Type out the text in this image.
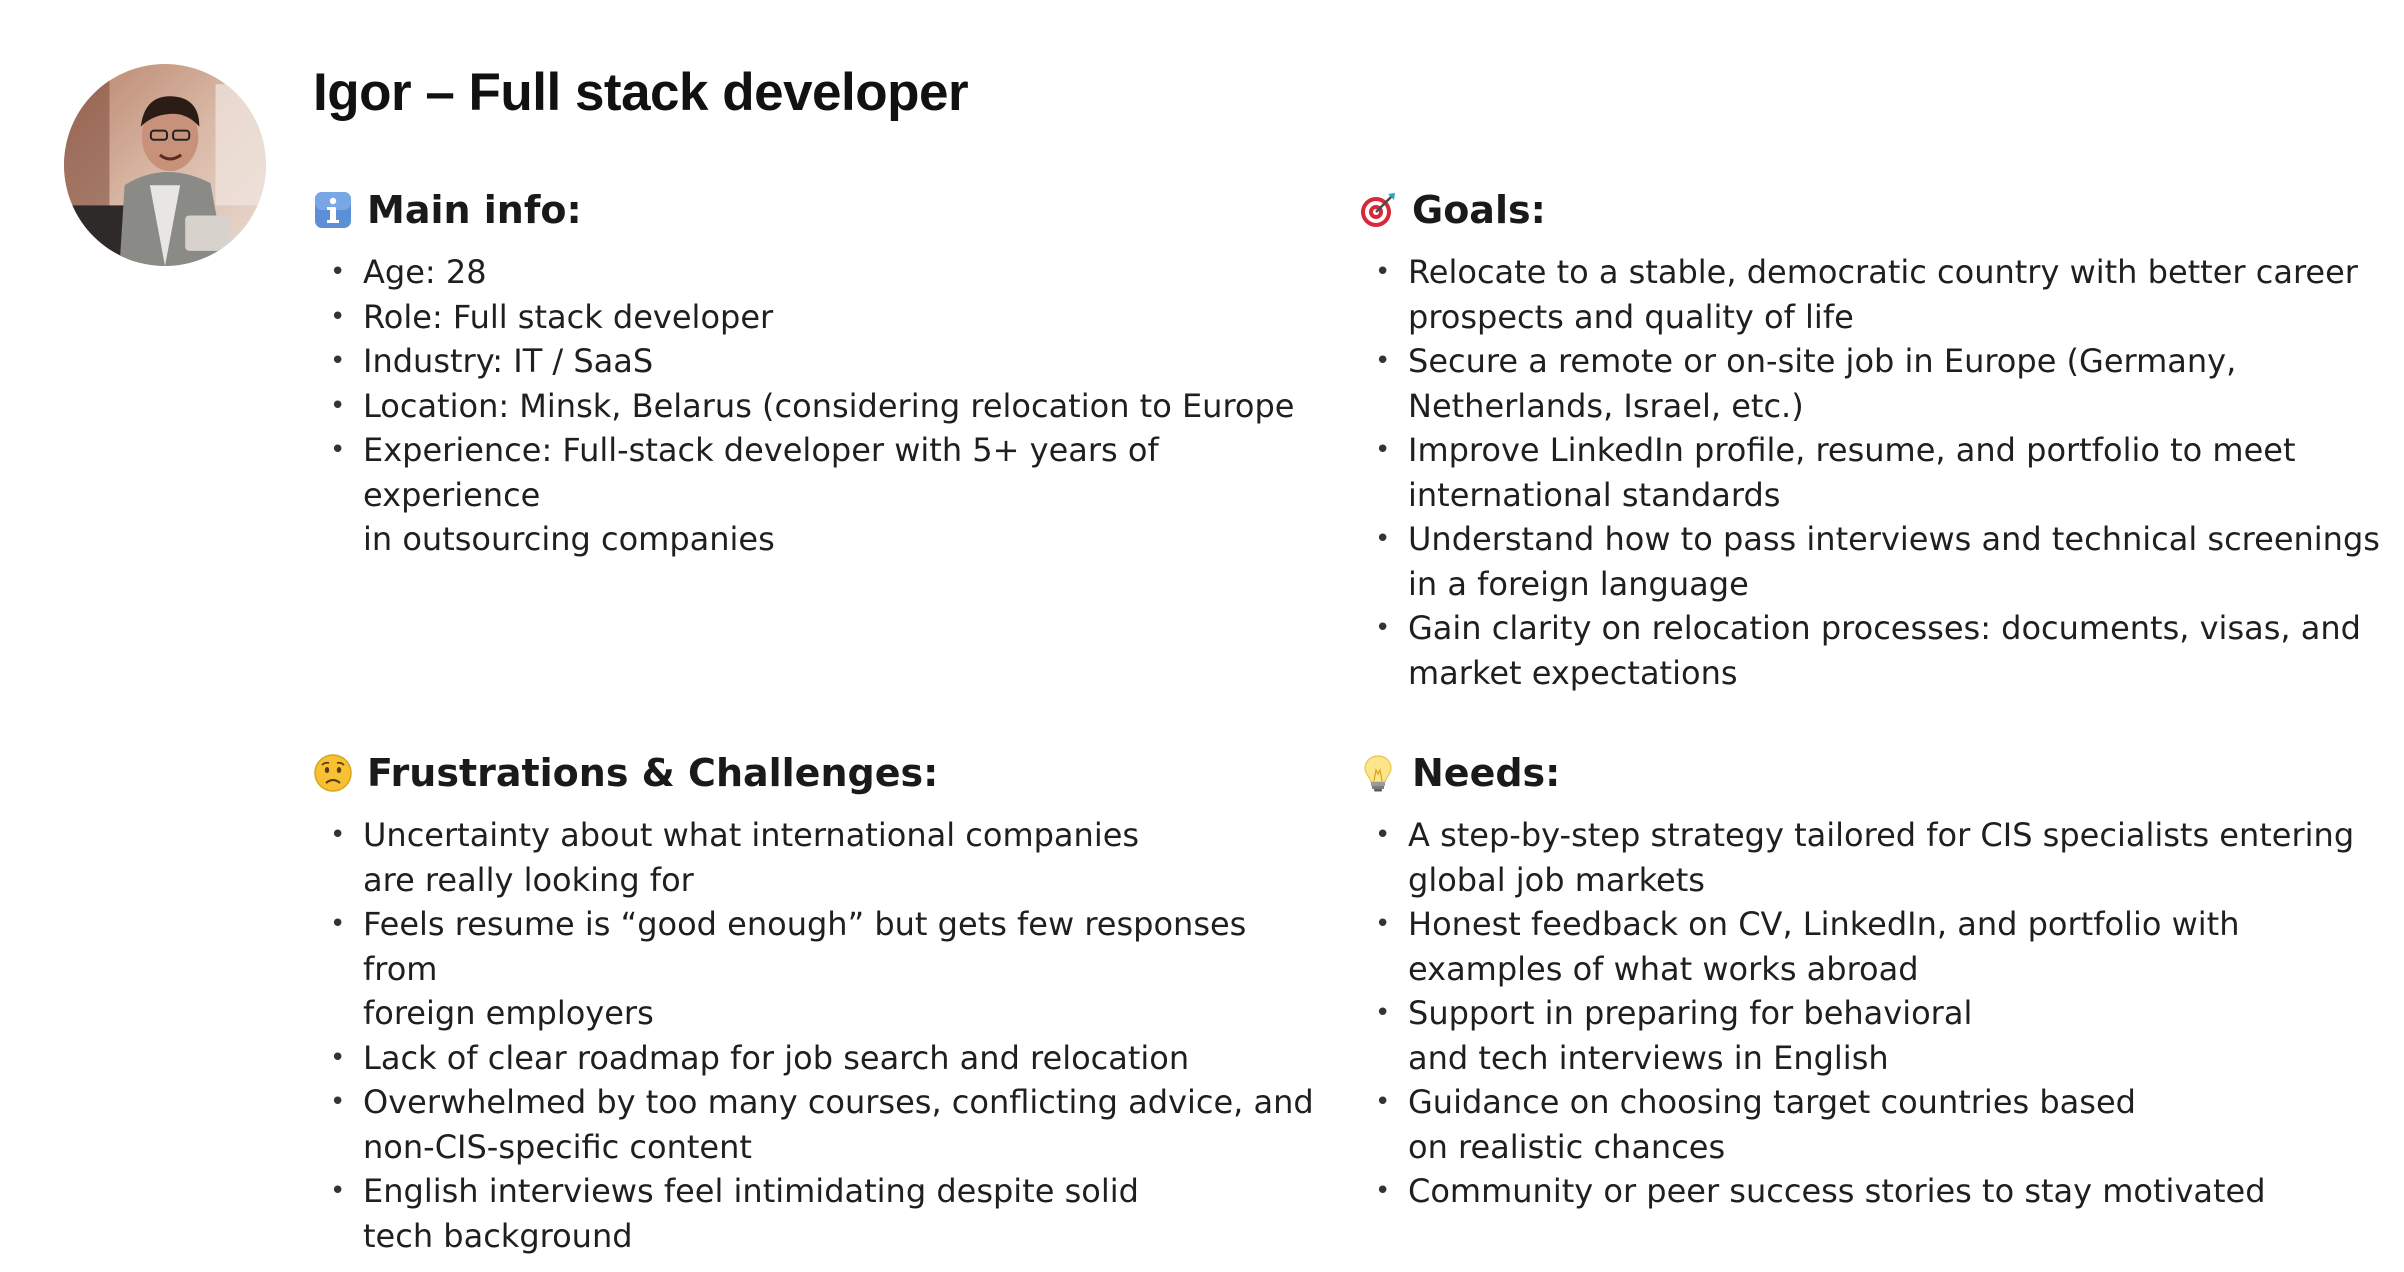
Igor – Full stack developer
Main info:
• Age: 28
• Role: Full stack developer
• Industry: IT / SaaS
• Location: Minsk, Belarus (considering relocation to Europe
• Experience: Full-stack developer with 5+ years of experience
in outsourcing companies
Goals:
• Relocate to a stable, democratic country with better career
prospects and quality of life
• Secure a remote or on-site job in Europe (Germany,
Netherlands, Israel, etc.)
• Improve LinkedIn profile, resume, and portfolio to meet
international standards
• Understand how to pass interviews and technical screenings
in a foreign language
• Gain clarity on relocation processes: documents, visas, and
market expectations
Frustrations & Challenges:
• Uncertainty about what international companies
are really looking for
• Feels resume is “good enough” but gets few responses from
foreign employers
• Lack of clear roadmap for job search and relocation
• Overwhelmed by too many courses, conflicting advice, and
non-CIS-specific content
• English interviews feel intimidating despite solid
tech background
Needs:
• A step-by-step strategy tailored for CIS specialists entering
global job markets
• Honest feedback on CV, LinkedIn, and portfolio with
examples of what works abroad
• Support in preparing for behavioral
and tech interviews in English
• Guidance on choosing target countries based
on realistic chances
• Community or peer success stories to stay motivated
